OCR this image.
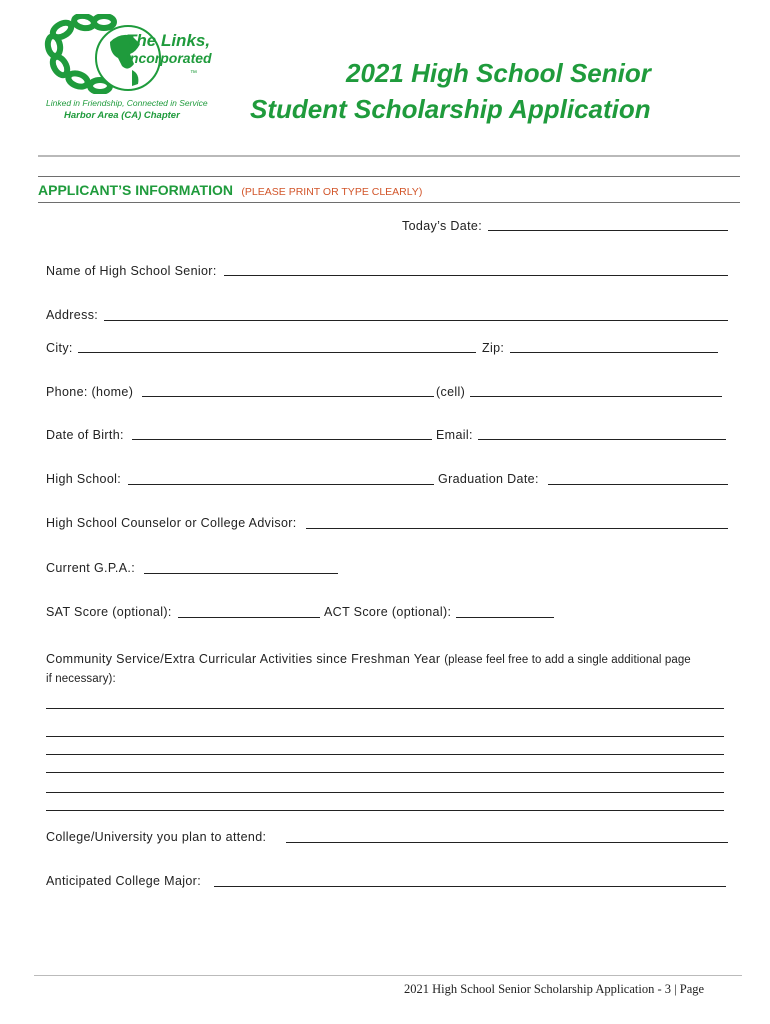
The Links,
Incorporated
™
Linked in Friendship, Connected in Service
Harbor Area (CA) Chapter
2021 High School Senior
Student Scholarship Application
APPLICANT’S INFORMATION (PLEASE PRINT OR TYPE CLEARLY)
Today’s Date:
Name of High School Senior:
Address:
City:	Zip:
Phone: (home)	(cell)
Date of Birth:	Email:
High School:	Graduation Date:
High School Counselor or College Advisor:
Current G.P.A.:
SAT Score (optional):	ACT Score (optional):
Community Service/Extra Curricular Activities since Freshman Year (please feel free to add a single additional page
if necessary):
College/University you plan to attend:
Anticipated College Major:
2021 High School Senior Scholarship Application - 3 | Page
